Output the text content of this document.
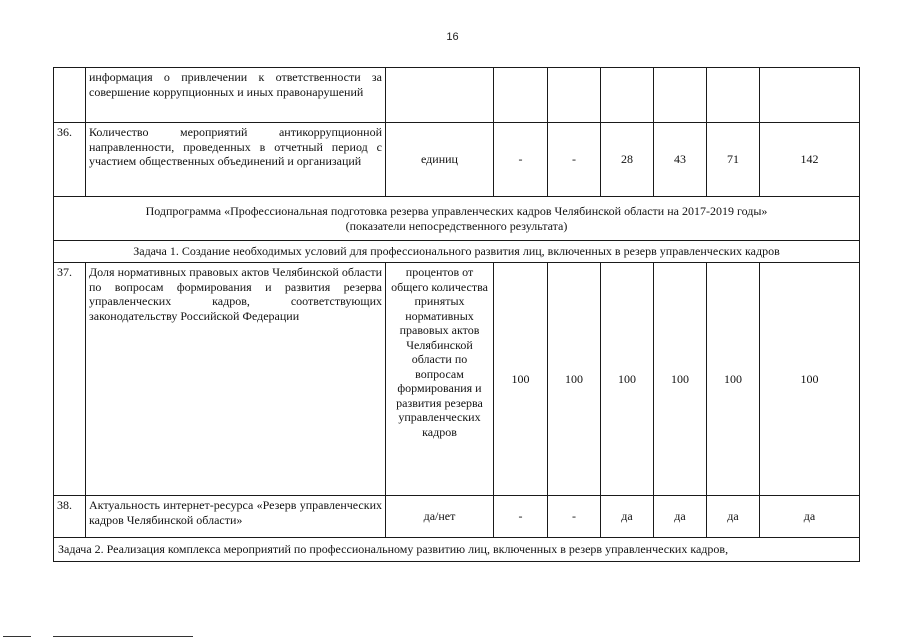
16
	информация о привлечении к ответственности за совершение коррупционных и иных правонарушений							
36.	Количество мероприятий антикоррупционной направленности, проведенных в отчетный период с участием общественных объединений и организаций	единиц	-	-	28	43	71	142

Подпрограмма «Профессиональная подготовка резерва управленческих кадров Челябинской области на 2017-2019 годы»
(показатели непосредственного результата)								

Задача 1. Создание необходимых условий для профессионального развития лиц, включенных в резерв управленческих кадров								
37.	Доля нормативных правовых актов Челябинской области по вопросам формирования и развития резерва управленческих кадров, соответствующих законодательству Российской Федерации	процентов от общего количества принятых нормативных правовых актов Челябинской области по вопросам формирования и развития резерва управленческих кадров	100	100	100	100	100	100
38.	Актуальность интернет-ресурса «Резерв управленческих кадров Челябинской области»	да/нет	-	-	да	да	да	да
Задача 2. Реализация комплекса мероприятий по профессиональному развитию лиц, включенных в резерв управленческих кадров,								
